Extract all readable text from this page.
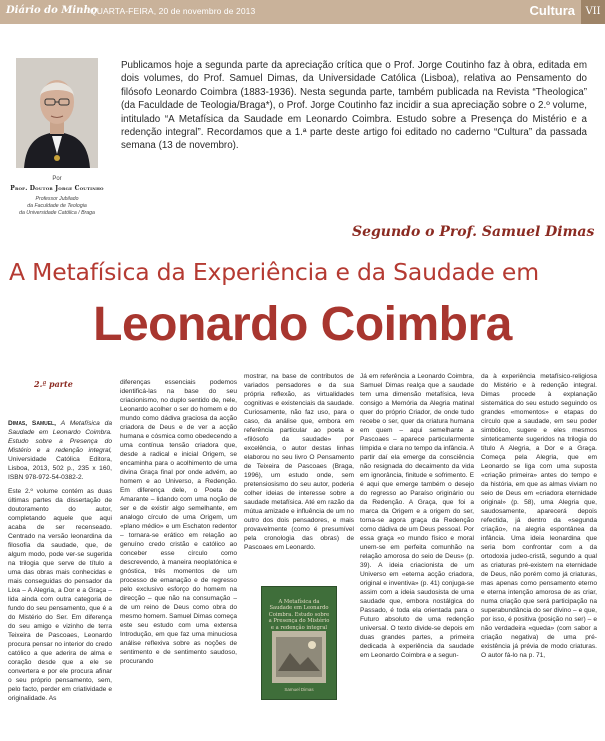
Diário do Minho
QUARTA-FEIRA, 20 de novembro de 2013	Cultura	VII
Por
Prof. Doutor Jorge Coutinho
Professor Jubilado
da Faculdade de Teologia
da Universidade Católica / Braga
Publicamos hoje a segunda parte da apreciação crítica que o Prof. Jorge Coutinho faz à obra, editada em dois volumes, do Prof. Samuel Dimas, da Universidade Católica (Lisboa), relativa ao Pensamento do filósofo Leonardo Coimbra (1883-1936). Nesta segunda parte, também publicada na Revista “Theologica” (da Faculdade de Teologia/Braga*), o Prof. Jorge Coutinho faz incidir a sua apreciação sobre o 2.º volume, intitulado “A Metafísica da Saudade em Leonardo Coimbra. Estudo sobre a Presença do Mistério e a redenção integral”. Recordamos que a 1.ª parte deste artigo foi editado no caderno “Cultura” da passada semana (13 de novembro).
Segundo o Prof. Samuel Dimas
A Metafísica da Experiência e da Saudade em
Leonardo Coimbra
2.ª parte
Dimas, Samuel, A Metafísica da Saudade em Leonardo Coimbra. Estudo sobre a Presença do Mistério e a redenção integral, Universidade Católica Editora, Lisboa, 2013, 502 p., 235 x 160, ISBN 978-972-54-0382-2.

Este 2.º volume contém as duas últimas partes da dissertação de doutoramento do autor, completando aquele que aqui acaba de ser recenseado. Centrado na versão leonardina da filosofia da saudade, que, de algum modo, pode ver-se sugerida na trilogia que serve de título a uma das obras mais conhecidas e mais conseguidas do pensador da Lixa – A Alegria, a Dor e a Graça – lida ainda com outra categoria de fundo do seu pensamento, que é a do Mistério do Ser. Em diferença do seu amigo e vizinho de terra Teixeira de Pascoaes, Leonardo procura pensar no interior do credo católico a que aderira de alma e coração desde que a ele se convertera e por ele procura afinar o seu próprio pensamento, sem, pelo facto, perder em criatividade e originalidade. As

diferenças essenciais podemos identificá-las na base do seu criacionismo, no duplo sentido de, nele, Leonardo acolher o ser do homem e do mundo como dádiva graciosa da acção criadora de Deus e de ver a acção humana e cósmica como obedecendo a uma contínua tensão criadora que, desde a radical e inicial Origem, se encaminha para o acolhimento de uma divina Graça final por onde advém, ao homem e ao Universo, a Redenção. Em diferença dele, o Poeta de Amarante – lidando com uma noção de ser e de existir algo semelhante, em analogo círculo de uma Origem, um «plano médio» e um Eschaton redentor – tornara-se erático em relação ao genuíno credo cristão e católico ao conceber esse círculo como descrevendo, à maneira neoplatónica e gnóstica, três momentos de um processo de emanação e de regresso pelo exclusivo esforço do homem na direcção – que não na consumação – de um reino de Deus como obra do mesmo homem. Samuel Dimas começa este seu estudo com uma extensa Introdução, em que faz uma minuciosa análise reflexiva sobre as noções de sentimento e de sentimento saudoso, procurando

mostrar, na base de contributos de variados pensadores e da sua própria reflexão, as virtualidades cognitivas e existenciais da saudade. Curiosamente, não faz uso, para o caso, da análise que, embora em referência particular ao poeta e «filósofo da saudade» por excelência, o autor destas linhas elaborou no seu livro O Pensamento de Teixeira de Pascoaes (Braga, 1996), um estudo onde, sem pretensiosismo do seu autor, poderia colher ideias de interesse sobre a saudade metafísica. Até em razão da mútua amizade e influência de um no outro dos dois pensadores, e mais provavelmente (como é presumível pela cronologia das obras) de Pascoaes em Leonardo.

A Metafísica da Saudade em Leonardo Coimbra. Estudo sobre a Presença do Mistério e a redenção integral
Samuel Dimas

Já em referência a Leonardo Coimbra, Samuel Dimas realça que a saudade tem uma dimensão metafísica, leva consigo a Memória da Alegria matinal quer do próprio Criador, de onde tudo recebe o ser, quer da criatura humana em quem – aqui semelhante a Pascoaes – aparece particularmente límpida e clara no tempo da infância. A partir daí ela emerge da consciência não resignada do decaimento da vida em ignorância, finitude e sofrimento. E é aqui que emerge também o desejo do regresso ao Paraíso originário ou da Redenção. A Graça, que foi a marca da Origem e a origem do ser, torna-se agora graça da Redenção como dádiva de um Deus pessoal. Por essa graça «o mundo físico e moral unem-se em perfeita comunhão na relação amorosa do seio de Deus» (p. 39). A ideia criacionista de um Universo em «eterna acção criadora, original e inventiva» (p. 41) conjuga-se assim com a ideia saudosista de uma saudade que, embora nostálgica do Passado, é toda ela orientada para o Futuro absoluto de uma redenção universal. O texto divide-se depois em duas grandes partes, a primeira dedicada à experiência da saudade em Leonardo Coimbra e a segun-

da à experiência metafísico-religiosa do Mistério e à redenção integral. Dimas procede à explanação sistemática do seu estudo seguindo os grandes «momentos» e etapas do círculo que a saudade, em seu poder simbólico, sugere e eles mesmos sinteticamente sugeridos na trilogia do título A Alegria, a Dor e a Graça. Começa pela Alegria, que em Leonardo se liga com uma suposta «criação primeira» antes do tempo e da história, em que as almas viviam no seio de Deus em «criadora eternidade original» (p. 58), uma Alegria que, saudosamente, aparecerá depois refectida, já dentro da «segunda criação», na alegria espontânea da infância. Uma ideia leonardina que seria bom confrontar com a da ortodoxia judeo-cristã, segundo a qual as criaturas pré-existem na eternidade de Deus, não porém como já criaturas, mas apenas como pensamento eterno e eterna intenção amorosa de as criar, numa criação que será participação na superabundância do ser divino – e que, por isso, é positiva (posição no ser) – e não verdadeira «queda» (com sabor a criação negativa) de uma pré-existência já prévia de modo criaturas. O autor fá-lo na p. 71,
